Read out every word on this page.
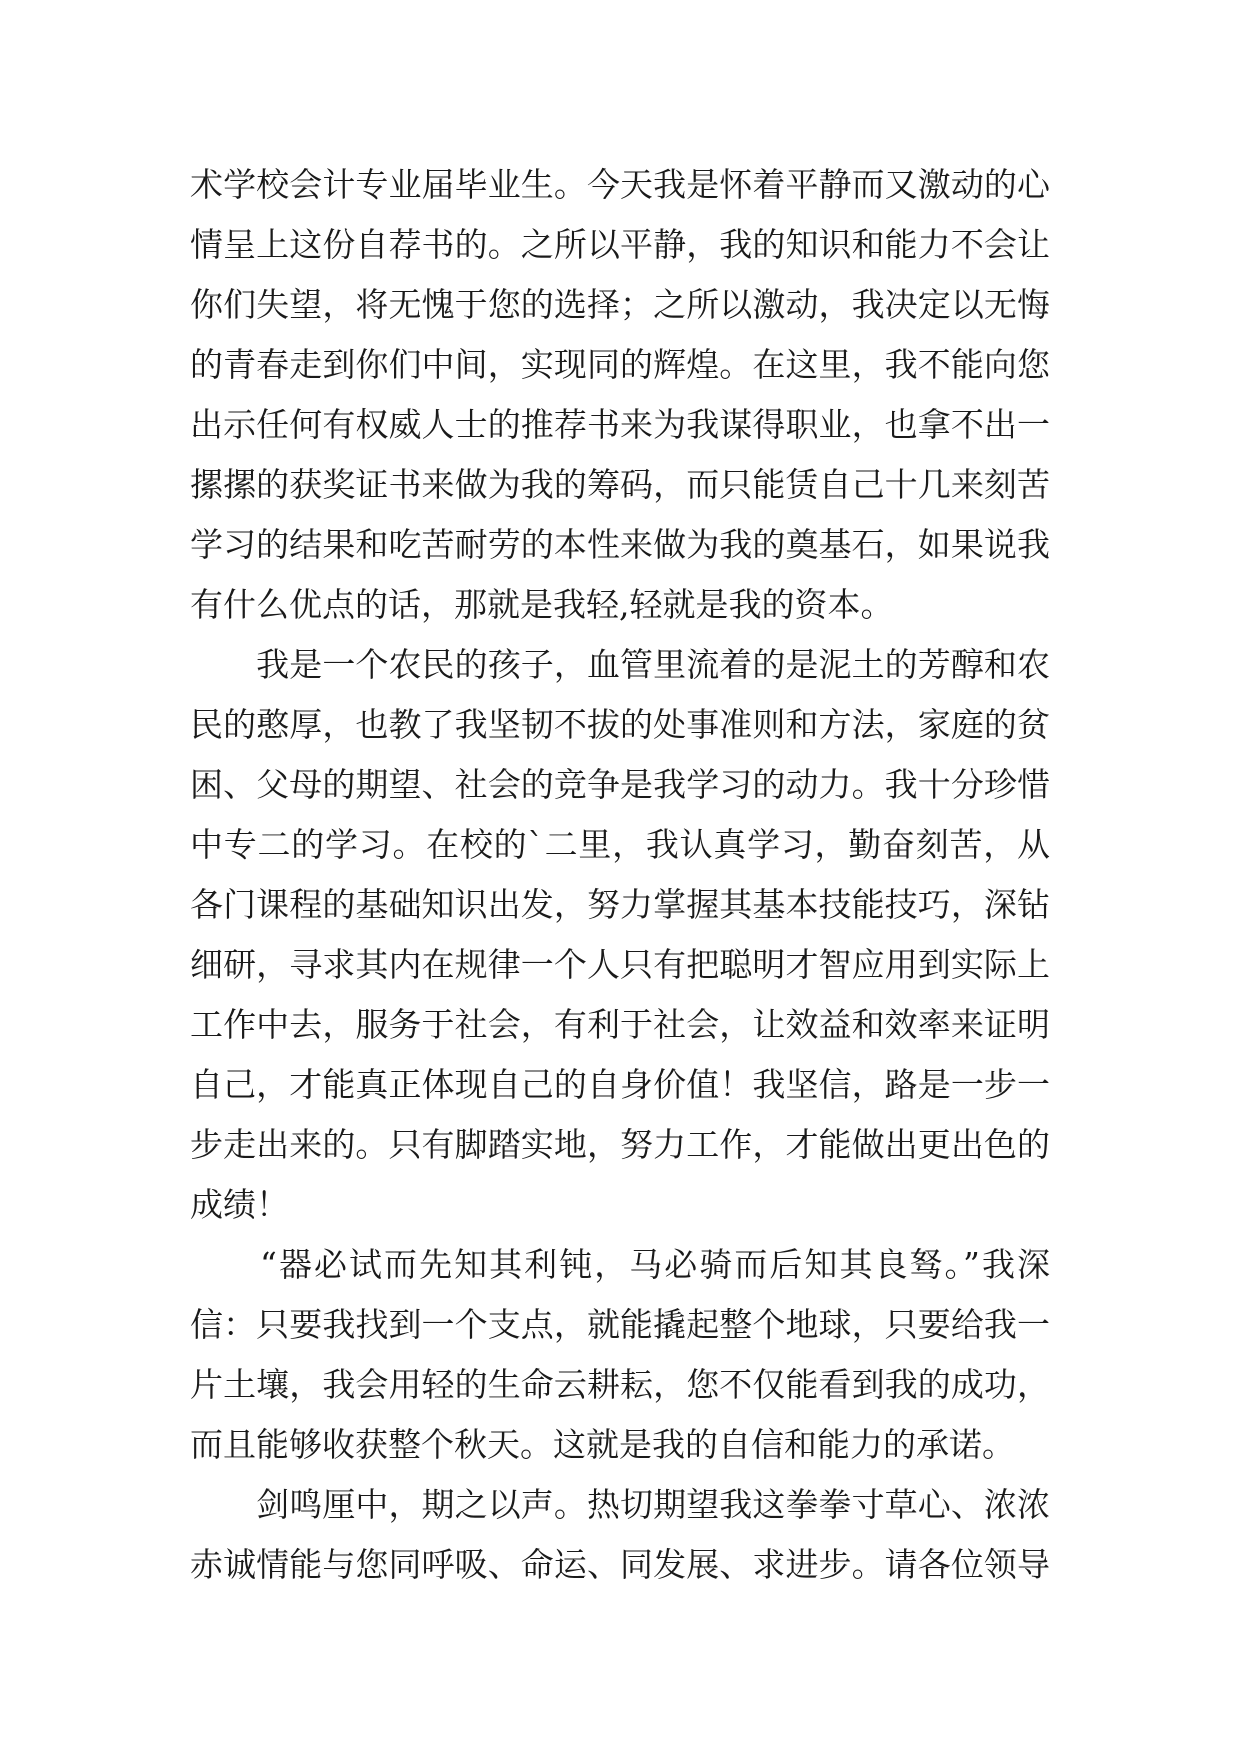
术学校会计专业届毕业生。今天我是怀着平静而又激动的心
情呈上这份自荐书的。之所以平静，我的知识和能力不会让
你们失望，将无愧于您的选择；之所以激动，我决定以无悔
的青春走到你们中间，实现同的辉煌。在这里，我不能向您
出示任何有权威人士的推荐书来为我谋得职业，也拿不出一
摞摞的获奖证书来做为我的筹码，而只能赁自己十几来刻苦
学习的结果和吃苦耐劳的本性来做为我的奠基石，如果说我
有什么优点的话，那就是我轻,轻就是我的资本。
　　我是一个农民的孩子，血管里流着的是泥土的芳醇和农
民的憨厚，也教了我坚韧不拔的处事准则和方法，家庭的贫
困、父母的期望、社会的竞争是我学习的动力。我十分珍惜
中专二的学习。在校的`二里，我认真学习，勤奋刻苦，从
各门课程的基础知识出发，努力掌握其基本技能技巧，深钻
细研，寻求其内在规律一个人只有把聪明才智应用到实际上
工作中去，服务于社会，有利于社会，让效益和效率来证明
自己，才能真正体现自己的自身价值！我坚信，路是一步一
步走出来的。只有脚踏实地，努力工作，才能做出更出色的
成绩！
　　“器必试而先知其利钝，马必骑而后知其良驽。”我深
信：只要我找到一个支点，就能撬起整个地球，只要给我一
片土壤，我会用轻的生命云耕耘，您不仅能看到我的成功，
而且能够收获整个秋天。这就是我的自信和能力的承诺。
　　剑鸣厘中，期之以声。热切期望我这拳拳寸草心、浓浓
赤诚情能与您同呼吸、命运、同发展、求进步。请各位领导
